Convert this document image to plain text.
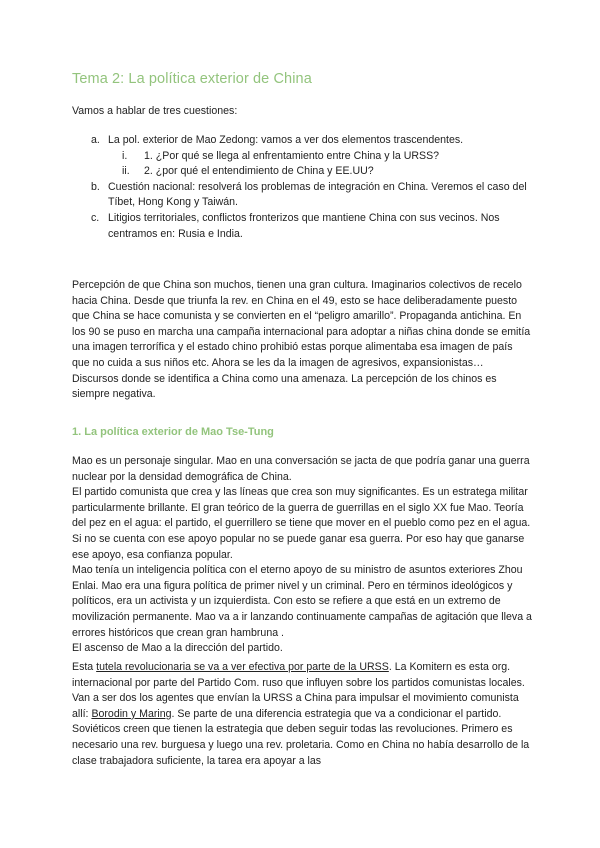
Tema 2: La política exterior de China

Vamos a hablar de tres cuestiones:

a. La pol. exterior de Mao Zedong: vamos a ver dos elementos trascendentes.
i. 1. ¿Por qué se llega al enfrentamiento entre China y la URSS?
ii. 2. ¿por qué el entendimiento de China y EE.UU?
b. Cuestión nacional: resolverá los problemas de integración en China. Veremos el caso del Tíbet, Hong Kong y Taiwán.
c. Litigios territoriales, conflictos fronterizos que mantiene China con sus vecinos. Nos centramos en: Rusia e India.

Percepción de que China son muchos, tienen una gran cultura. Imaginarios colectivos de recelo hacia China. Desde que triunfa la rev. en China en el 49, esto se hace deliberadamente puesto que China se hace comunista y se convierten en el “peligro amarillo”. Propaganda antichina. En los 90 se puso en marcha una campaña internacional para adoptar a niñas china donde se emitía una imagen terrorífica y el estado chino prohibió estas porque alimentaba esa imagen de país que no cuida a sus niños etc. Ahora se les da la imagen de agresivos, expansionistas… Discursos donde se identifica a China como una amenaza. La percepción de los chinos es siempre negativa.

1. La política exterior de Mao Tse-Tung

Mao es un personaje singular. Mao en una conversación se jacta de que podría ganar una guerra nuclear por la densidad demográfica de China.

El partido comunista que crea y las líneas que crea son muy significantes. Es un estratega militar particularmente brillante. El gran teórico de la guerra de guerrillas en el siglo XX fue Mao. Teoría del pez en el agua: el partido, el guerrillero se tiene que mover en el pueblo como pez en el agua. Si no se cuenta con ese apoyo popular no se puede ganar esa guerra. Por eso hay que ganarse ese apoyo, esa confianza popular.

Mao tenía un inteligencia política con el eterno apoyo de su ministro de asuntos exteriores Zhou Enlai. Mao era una figura política de primer nivel y un criminal. Pero en términos ideológicos y políticos, era un activista y un izquierdista. Con esto se refiere a que está en un extremo de movilización permanente. Mao va a ir lanzando continuamente campañas de agitación que lleva a errores históricos que crean gran hambruna .

El ascenso de Mao a la dirección del partido.

Esta tutela revolucionaria se va a ver efectiva por parte de la URSS. La Komitern es esta org. internacional por parte del Partido Com. ruso que influyen sobre los partidos comunistas locales. Van a ser dos los agentes que envían la URSS a China para impulsar el movimiento comunista allí: Borodin y Maring. Se parte de una diferencia estrategia que va a condicionar el partido. Soviéticos creen que tienen la estrategia que deben seguir todas las revoluciones. Primero es necesario una rev. burguesa y luego una rev. proletaria. Como en China no había desarrollo de la clase trabajadora suficiente, la tarea era apoyar a las
